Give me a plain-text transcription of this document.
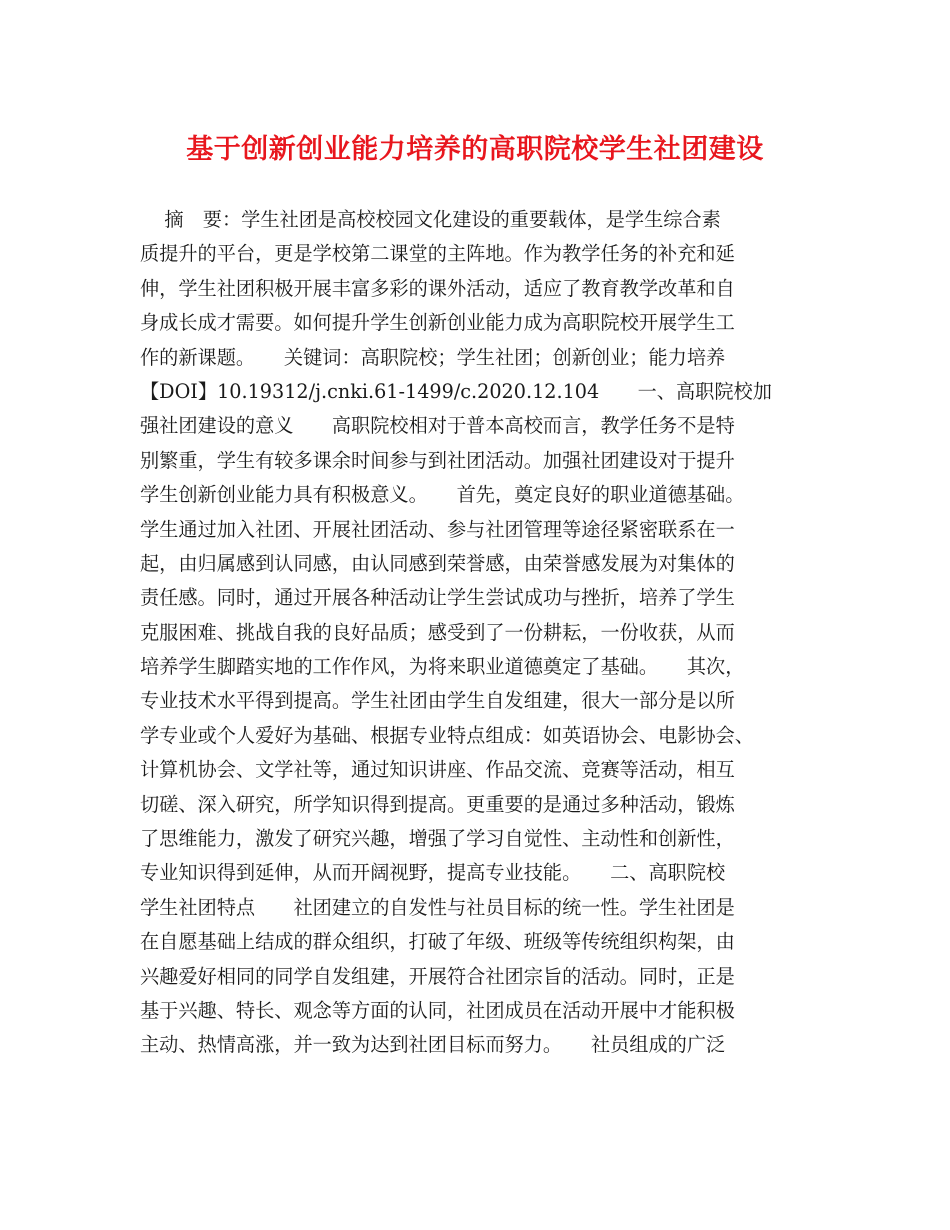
基于创新创业能力培养的高职院校学生社团建设
摘　要：学生社团是高校校园文化建设的重要载体，是学生综合素
质提升的平台，更是学校第二课堂的主阵地。作为教学任务的补充和延
伸，学生社团积极开展丰富多彩的课外活动，适应了教育教学改革和自
身成长成才需要。如何提升学生创新创业能力成为高职院校开展学生工
作的新课题。　　关键词：高职院校；学生社团；创新创业；能力培养
【DOI】10.19312/j.cnki.61-1499/c.2020.12.104　　一、高职院校加
强社团建设的意义　　高职院校相对于普本高校而言，教学任务不是特
别繁重，学生有较多课余时间参与到社团活动。加强社团建设对于提升
学生创新创业能力具有积极意义。　　首先，奠定良好的职业道德基础。
学生通过加入社团、开展社团活动、参与社团管理等途径紧密联系在一
起，由归属感到认同感，由认同感到荣誉感，由荣誉感发展为对集体的
责任感。同时，通过开展各种活动让学生尝试成功与挫折，培养了学生
克服困难、挑战自我的良好品质；感受到了一份耕耘，一份收获，从而
培养学生脚踏实地的工作作风，为将来职业道德奠定了基础。　　其次，
专业技术水平得到提高。学生社团由学生自发组建，很大一部分是以所
学专业或个人爱好为基础、根据专业特点组成：如英语协会、电影协会、
计算机协会、文学社等，通过知识讲座、作品交流、竞赛等活动，相互
切磋、深入研究，所学知识得到提高。更重要的是通过多种活动，锻炼
了思维能力，激发了研究兴趣，增强了学习自觉性、主动性和创新性，
专业知识得到延伸，从而开阔视野，提高专业技能。　　二、高职院校
学生社团特点　　社团建立的自发性与社员目标的统一性。学生社团是
在自愿基础上结成的群众组织，打破了年级、班级等传统组织构架，由
兴趣爱好相同的同学自发组建，开展符合社团宗旨的活动。同时，正是
基于兴趣、特长、观念等方面的认同，社团成员在活动开展中才能积极
主动、热情高涨，并一致为达到社团目标而努力。　　社员组成的广泛
